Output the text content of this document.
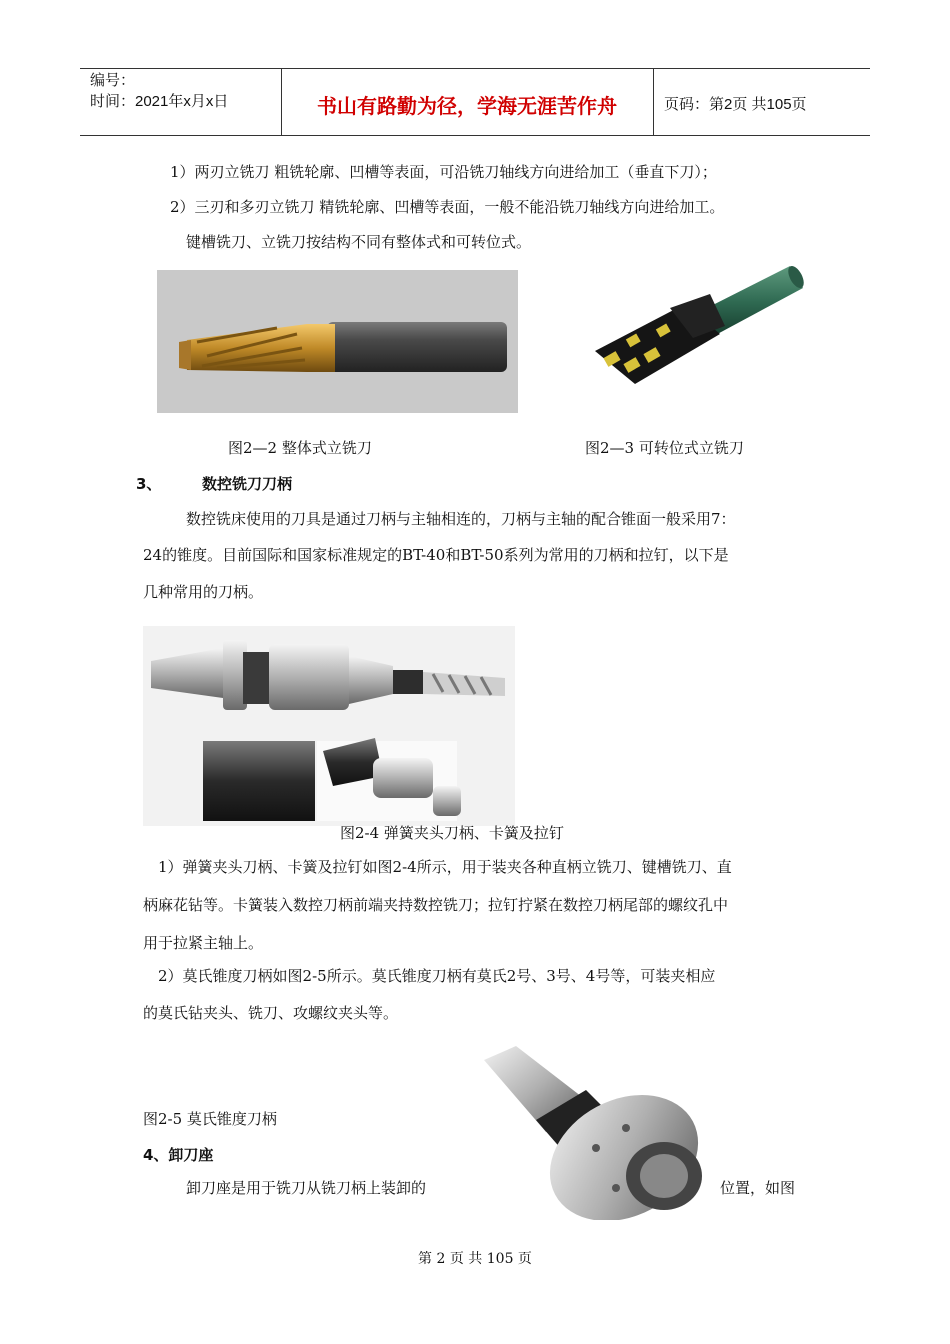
编号：
时间：2021年x月x日	书山有路勤为径，学海无涯苦作舟	页码：第2页 共105页
1）两刃立铣刀 粗铣轮廓、凹槽等表面，可沿铣刀轴线方向进给加工（垂直下刀）；
2）三刃和多刃立铣刀 精铣轮廓、凹槽等表面，一般不能沿铣刀轴线方向进给加工。
键槽铣刀、立铣刀按结构不同有整体式和可转位式。
图2—2 整体式立铣刀	图2—3 可转位式立铣刀
3、	数控铣刀刀柄
数控铣床使用的刀具是通过刀柄与主轴相连的，刀柄与主轴的配合锥面一般采用7：
24的锥度。目前国际和国家标准规定的BT-40和BT-50系列为常用的刀柄和拉钉，以下是
几种常用的刀柄。
图2-4 弹簧夹头刀柄、卡簧及拉钉
1）弹簧夹头刀柄、卡簧及拉钉如图2-4所示，用于装夹各种直柄立铣刀、键槽铣刀、直
柄麻花钻等。卡簧装入数控刀柄前端夹持数控铣刀；拉钉拧紧在数控刀柄尾部的螺纹孔中
用于拉紧主轴上。
2）莫氏锥度刀柄如图2-5所示。莫氏锥度刀柄有莫氏2号、3号、4号等，可装夹相应
的莫氏钻夹头、铣刀、攻螺纹夹头等。
图2-5 莫氏锥度刀柄
4、卸刀座
卸刀座是用于铣刀从铣刀柄上装卸的	位置，如图
第 2 页 共 105 页
